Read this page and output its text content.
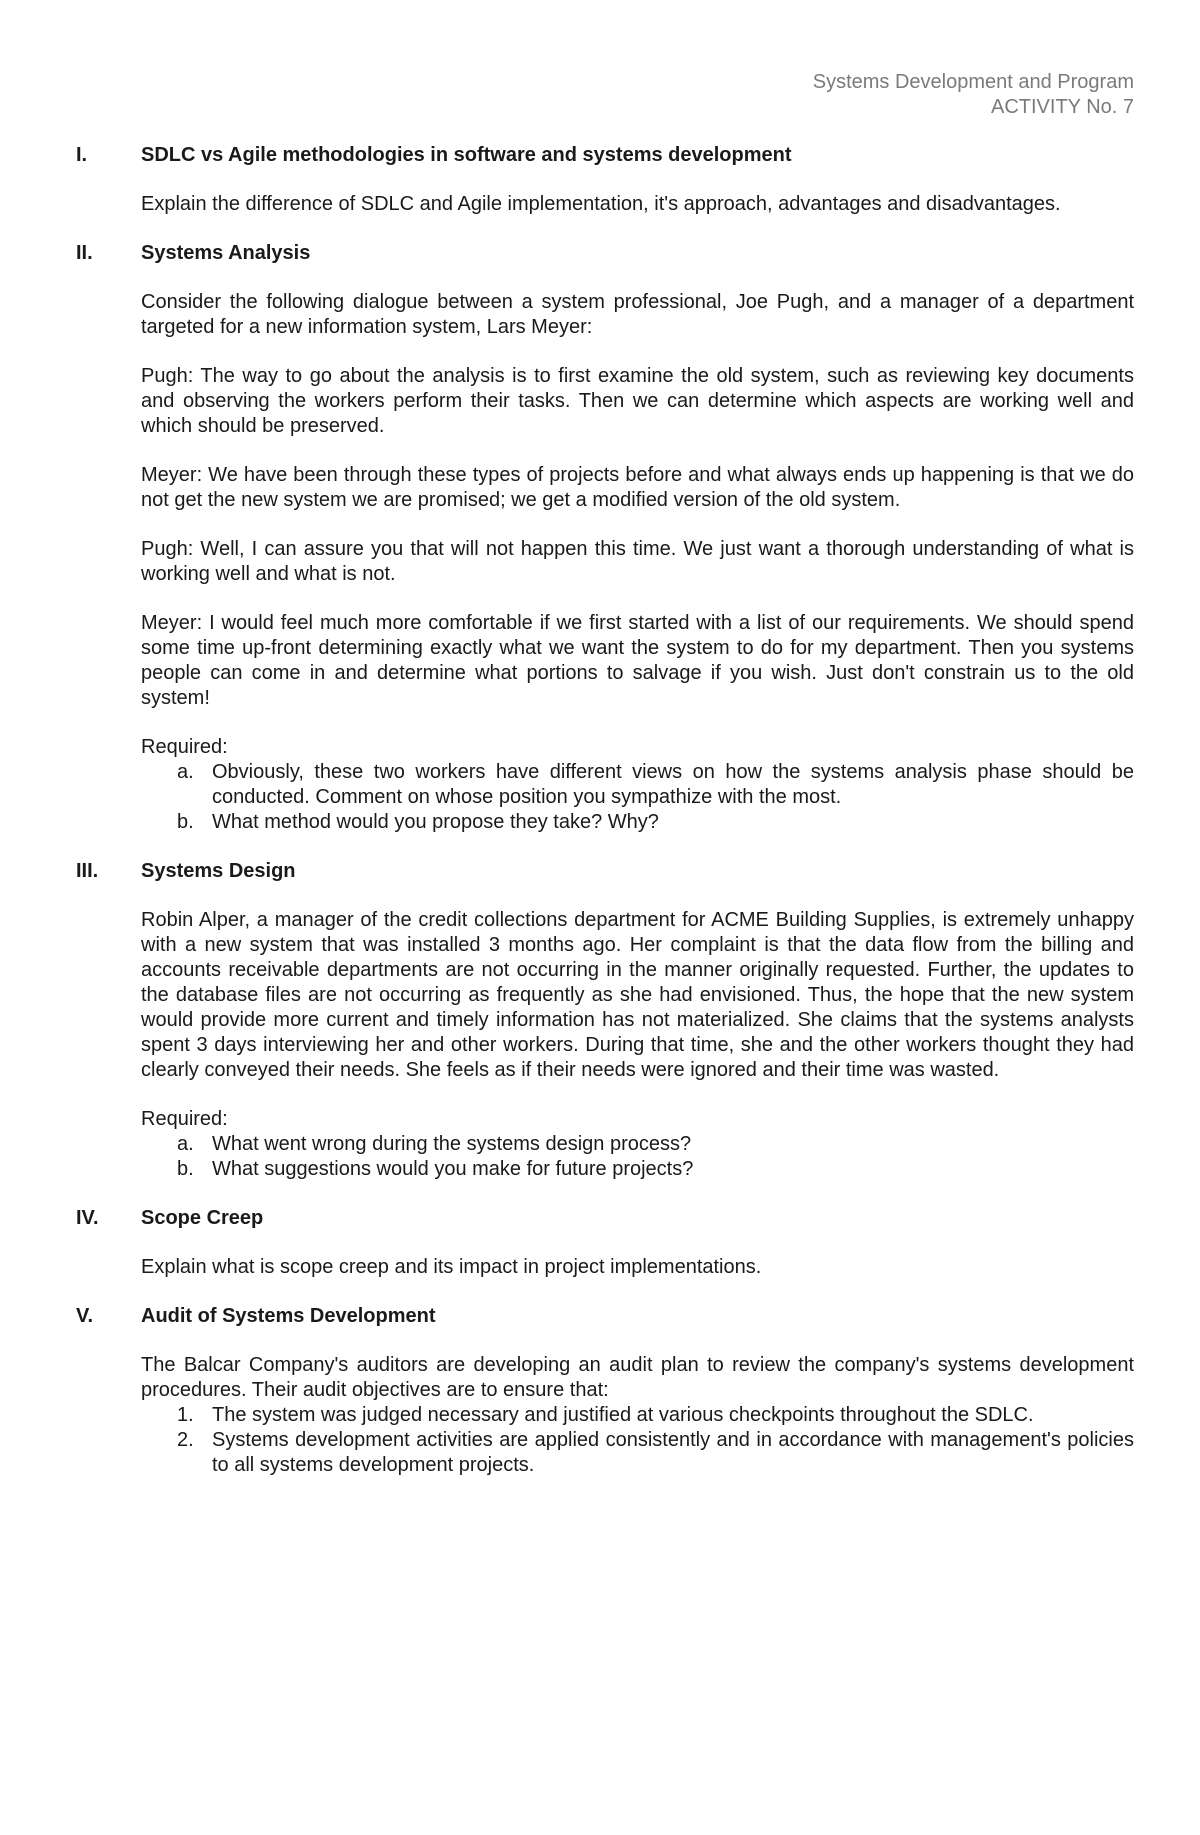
Systems Development and Program
ACTIVITY No. 7
I.	SDLC vs Agile methodologies in software and systems development

Explain the difference of SDLC and Agile implementation, it's approach, advantages and disadvantages.

II.	Systems Analysis

Consider the following dialogue between a system professional, Joe Pugh, and a manager of a department targeted for a new information system, Lars Meyer:

Pugh: The way to go about the analysis is to first examine the old system, such as reviewing key documents and observing the workers perform their tasks. Then we can determine which aspects are working well and which should be preserved.

Meyer: We have been through these types of projects before and what always ends up happening is that we do not get the new system we are promised; we get a modified version of the old system.

Pugh: Well, I can assure you that will not happen this time. We just want a thorough understanding of what is working well and what is not.

Meyer: I would feel much more comfortable if we first started with a list of our requirements. We should spend some time up-front determining exactly what we want the system to do for my department. Then you systems people can come in and determine what portions to salvage if you wish. Just don't constrain us to the old system!

Required:
a. Obviously, these two workers have different views on how the systems analysis phase should be conducted. Comment on whose position you sympathize with the most.
b. What method would you propose they take? Why?
III.	Systems Design

Robin Alper, a manager of the credit collections department for ACME Building Supplies, is extremely unhappy with a new system that was installed 3 months ago. Her complaint is that the data flow from the billing and accounts receivable departments are not occurring in the manner originally requested. Further, the updates to the database files are not occurring as frequently as she had envisioned. Thus, the hope that the new system would provide more current and timely information has not materialized. She claims that the systems analysts spent 3 days interviewing her and other workers. During that time, she and the other workers thought they had clearly conveyed their needs. She feels as if their needs were ignored and their time was wasted.

Required:
a. What went wrong during the systems design process?
b. What suggestions would you make for future projects?
IV.	Scope Creep

Explain what is scope creep and its impact in project implementations.

V.	Audit of Systems Development

The Balcar Company's auditors are developing an audit plan to review the company's systems development procedures. Their audit objectives are to ensure that:

1. The system was judged necessary and justified at various checkpoints throughout the SDLC.
2. Systems development activities are applied consistently and in accordance with management's policies to all systems development projects.
